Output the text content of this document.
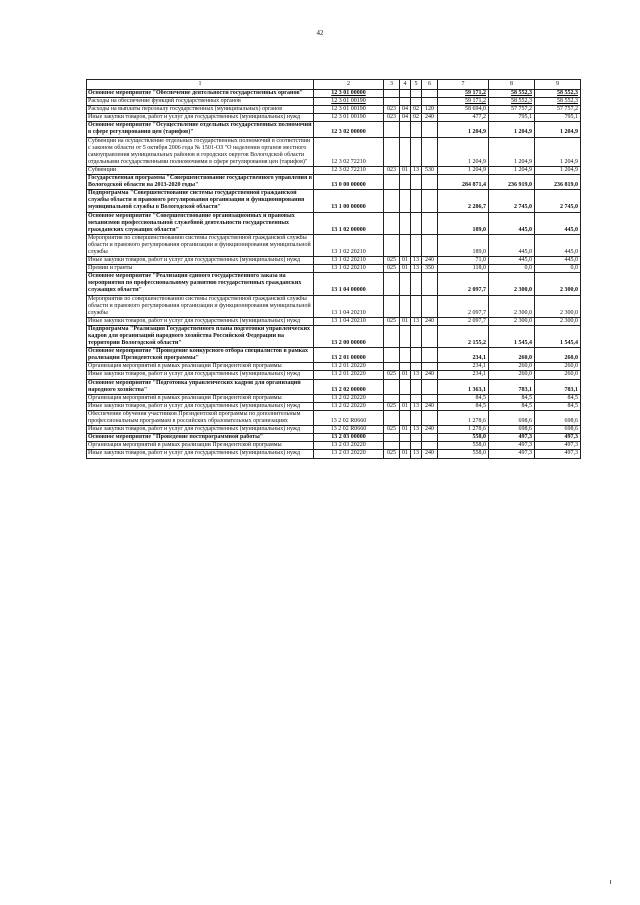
42
1	2	3	4	5	6	7	8	9
Основное мероприятие "Обеспечение деятельности государственных органов"	12 3 01 00000					59 171,2	58 552,3	58 552,3
Расходы на обеспечение функций государственных органов	12 3 01 00190					59 171,2	58 552,3	58 552,3
Расходы на выплаты персоналу государственных (муниципальных) органов	12 3 01 00190	023	04	02	120	58 694,0	57 757,2	57 757,2
Иные закупки товаров, работ и услуг для государственных (муниципальных) нужд	12 3 01 00190	023	04	02	240	477,2	795,1	795,1
Основное мероприятие "Осуществление отдельных государственных полномочий в сфере регулирования цен (тарифов)"	12 3 02 00000					1 204,9	1 204,9	1 204,9
Субвенции на осуществление отдельных государственных полномочий в соответствии с законом области от 5 октября 2006 года № 1501-ОЗ "О наделении органов местного самоуправления муниципальных районов и городских округов Вологодской области отдельными государственными полномочиями в сфере регулирования цен (тарифов)"	12 3 02 72210					1 204,9	1 204,9	1 204,9
Субвенции	12 3 02 72210	023	01	13	530	1 204,9	1 204,9	1 204,9
Государственная программа "Совершенствование государственного управления в Вологодской области на 2013-2020 годы"	13 0 00 00000					284 871,4	236 919,0	236 819,0
Подпрограмма "Совершенствование системы государственной гражданской службы области и правового регулирования организации и функционирования муниципальной службы в Вологодской области"	13 1 00 00000					2 286,7	2 745,0	2 745,0
Основное мероприятие "Совершенствование организационных и правовых механизмов профессиональной служебной деятельности государственных гражданских служащих области"	13 1 02 00000					189,0	445,0	445,0
Мероприятия по совершенствованию системы государственной гражданской службы области и правового регулирования организации и функционирования муниципальной службы	13 1 02 20210					189,0	445,0	445,0
Иные закупки товаров, работ и услуг для государственных (муниципальных) нужд	13 1 02 20210	025	01	13	240	71,0	445,0	445,0
Премии и гранты	13 1 02 20210	025	01	13	350	118,0	0,0	0,0
Основное мероприятие "Реализация единого государственного заказа на мероприятия по профессиональному развитию государственных гражданских служащих области"	13 1 04 00000					2 097,7	2 300,0	2 300,0
Мероприятия по совершенствованию системы государственной гражданской службы области и правового регулирования организации и функционирования муниципальной службы	13 1 04 20210					2 097,7	2 300,0	2 300,0
Иные закупки товаров, работ и услуг для государственных (муниципальных) нужд	13 1 04 20210	025	01	13	240	2 097,7	2 300,0	2 300,0
Подпрограмма "Реализация Государственного плана подготовки управленческих кадров для организаций народного хозяйства Российской Федерации на территории Вологодской области"	13 2 00 00000					2 155,2	1 545,4	1 545,4
Основное мероприятие "Проведение конкурсного отбора специалистов в рамках реализации Президентской программы"	13 2 01 00000					234,1	260,0	260,0
Организация мероприятий в рамках реализации Президентской программы	13 2 01 20220					234,1	260,0	260,0
Иные закупки товаров, работ и услуг для государственных (муниципальных) нужд	13 2 01 20220	025	01	13	240	234,1	260,0	260,0
Основное мероприятие "Подготовка управленческих кадров для организаций народного хозяйства"	13 2 02 00000					1 363,1	783,1	783,1
Организация мероприятий в рамках реализации Президентской программы	13 2 02 20220					84,5	84,5	84,5
Иные закупки товаров, работ и услуг для государственных (муниципальных) нужд	13 2 02 20220	025	01	13	240	84,5	84,5	84,5
Обеспечение обучения участников Президентской программы по дополнительным профессиональным программам в российских образовательных организациях	13 2 02 R0660					1 278,6	698,6	698,6
Иные закупки товаров, работ и услуг для государственных (муниципальных) нужд	13 2 02 R0660	025	01	13	240	1 278,6	698,6	698,6
Основное мероприятие "Проведение постпрограммной работы"	13 2 03 00000					558,0	497,3	497,3
Организация мероприятий в рамках реализации Президентской программы	13 2 03 20220					558,0	497,3	497,3
Иные закупки товаров, работ и услуг для государственных (муниципальных) нужд	13 2 03 20220	025	01	13	240	558,0	497,3	497,3
